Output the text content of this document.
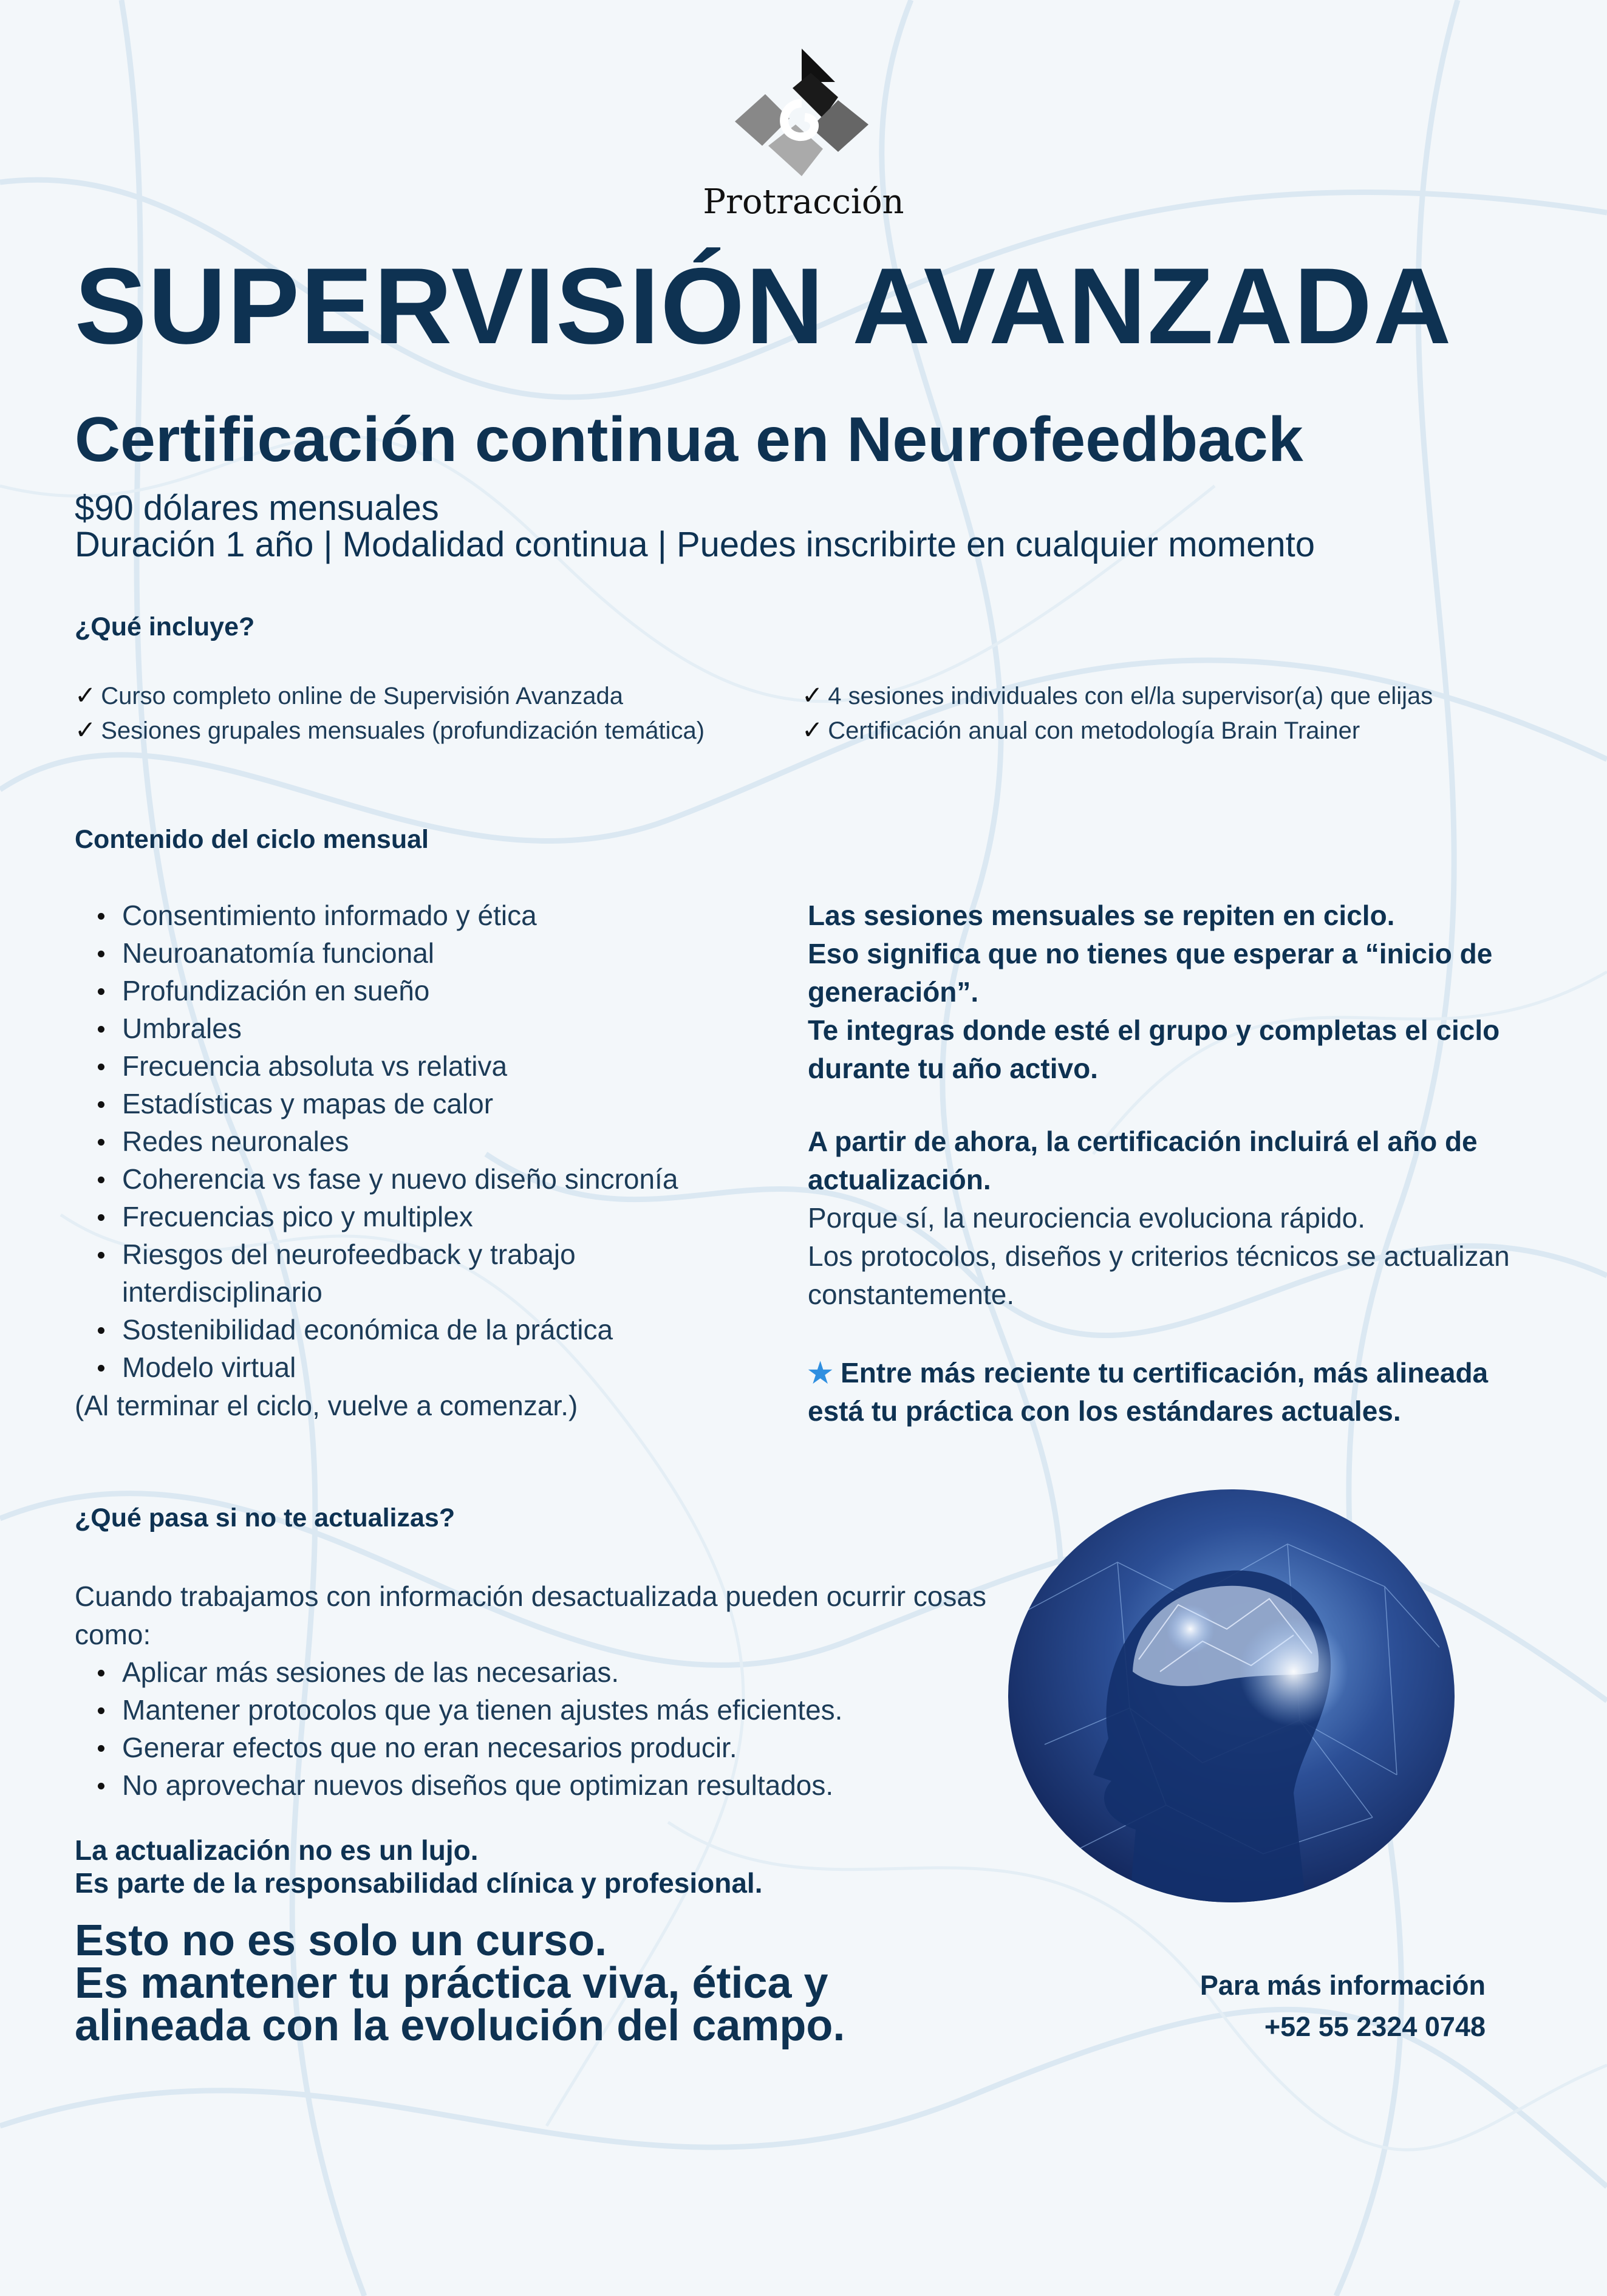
Protracción
SUPERVISIÓN AVANZADA
Certificación continua en Neurofeedback
$90 dólares mensuales
Duración 1 año | Modalidad continua | Puedes inscribirte en cualquier momento
¿Qué incluye?
✓ Curso completo online de Supervisión Avanzada
✓ Sesiones grupales mensuales (profundización temática)
✓ 4 sesiones individuales con el/la supervisor(a) que elijas
✓ Certificación anual con metodología Brain Trainer
Contenido del ciclo mensual
Consentimiento informado y ética
Neuroanatomía funcional
Profundización en sueño
Umbrales
Frecuencia absoluta vs relativa
Estadísticas y mapas de calor
Redes neuronales
Coherencia vs fase y nuevo diseño sincronía
Frecuencias pico y multiplex
Riesgos del neurofeedback y trabajo interdisciplinario
Sostenibilidad económica de la práctica
Modelo virtual
(Al terminar el ciclo, vuelve a comenzar.)
Las sesiones mensuales se repiten en ciclo.
Eso significa que no tienes que esperar a “inicio de generación”.
Te integras donde esté el grupo y completas el ciclo durante tu año activo.
A partir de ahora, la certificación incluirá el año de actualización.
Porque sí, la neurociencia evoluciona rápido.
Los protocolos, diseños y criterios técnicos se actualizan constantemente.
★ Entre más reciente tu certificación, más alineada está tu práctica con los estándares actuales.
¿Qué pasa si no te actualizas?
Cuando trabajamos con información desactualizada pueden ocurrir cosas como:
Aplicar más sesiones de las necesarias.
Mantener protocolos que ya tienen ajustes más eficientes.
Generar efectos que no eran necesarios producir.
No aprovechar nuevos diseños que optimizan resultados.
La actualización no es un lujo.
Es parte de la responsabilidad clínica y profesional.
Esto no es solo un curso.
Es mantener tu práctica viva, ética y
alineada con la evolución del campo.
Para más información
+52 55 2324 0748
